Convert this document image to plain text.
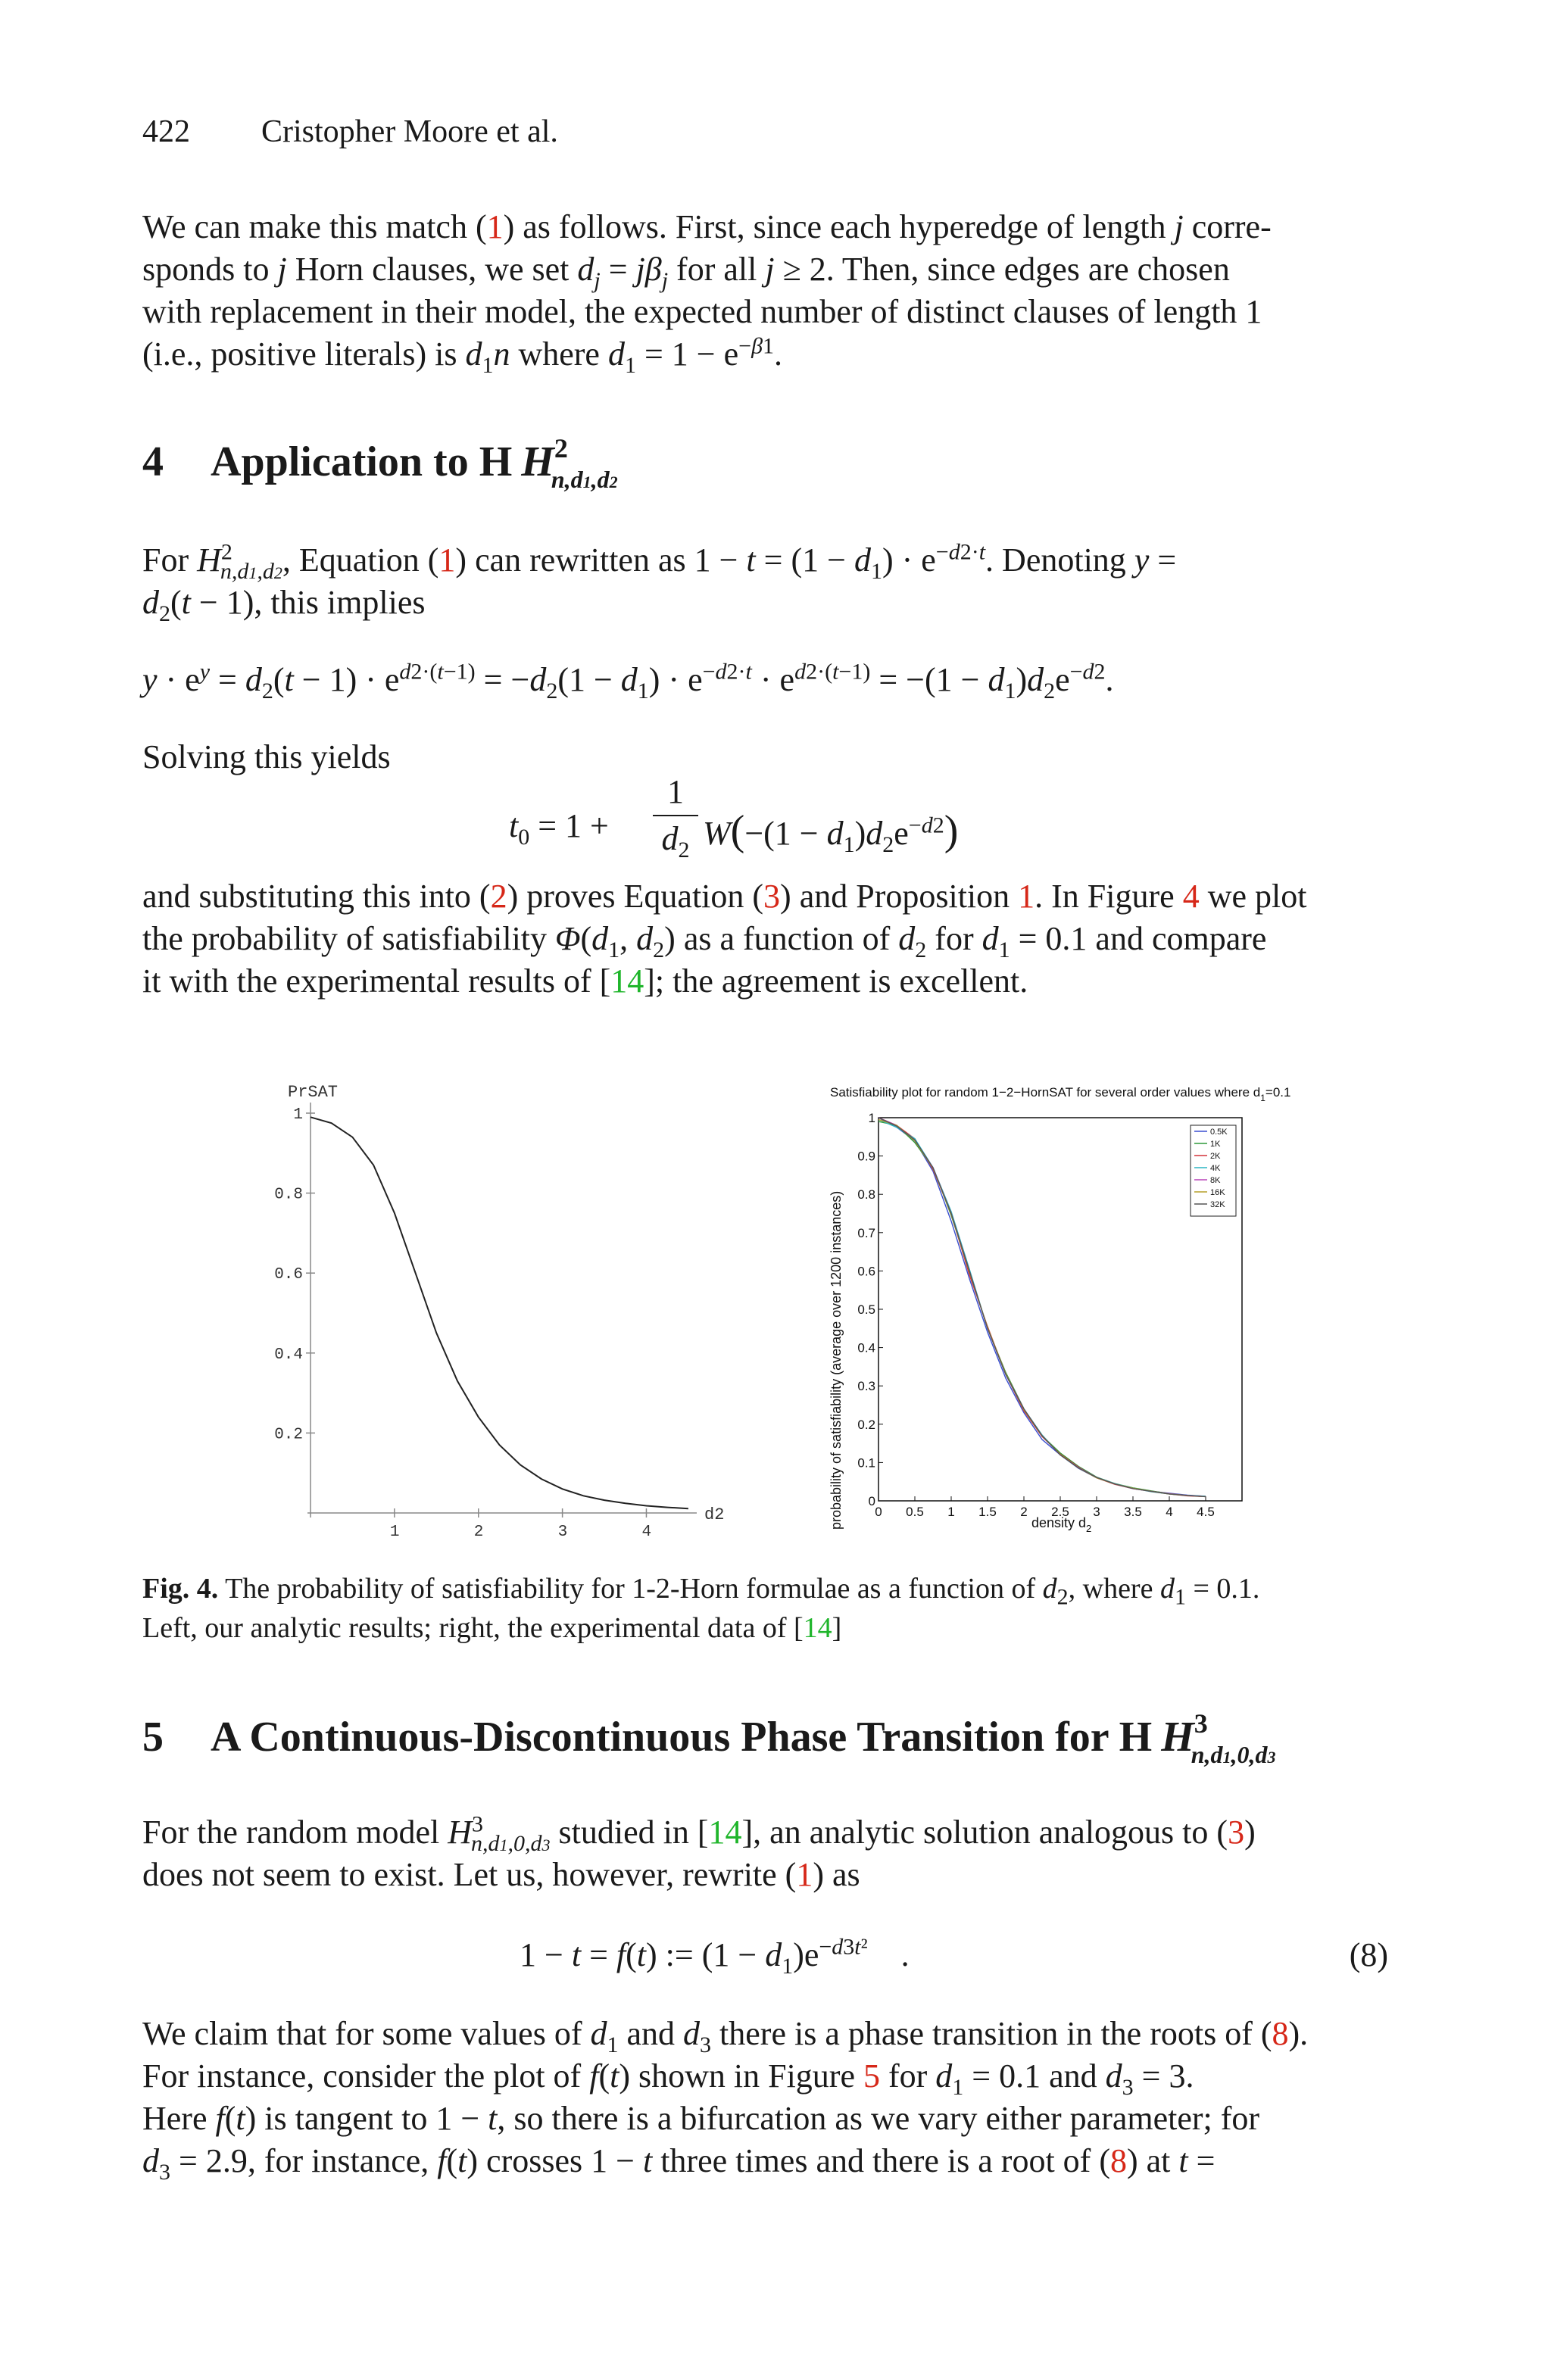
422 Cristopher Moore et al.
We can make this match (1) as follows. First, since each hyperedge of length j corre-
sponds to j Horn clauses, we set $d_j = j\beta_j$ for all j ≥ 2. Then, since edges are chosen
with replacement in their model, the expected number of distinct clauses of length 1
(i.e., positive literals) is $d_1n$ where $d_1 = 1 - e^{-\beta 1}$.
4 Application to H $H^2_{n,d1,d2}$
For $H^2_{n,d1,d2}$, Equation (1) can rewritten as $1 - t = (1 - d_1) \cdot e^{-d2\cdot t}$. Denoting y =
$d_2(t - 1)$, this implies
$y \cdot e^y = d_2(t - 1) \cdot e^{d2\cdot(t-1)} = -d_2(1 - d_1) \cdot e^{-d2\cdot t} \cdot e^{d2\cdot(t-1)} = -(1 - d_1)d_2e^{-d2}$.
Solving this yields
$t_0 = 1$ +
1
$d_2$ $W(-(1 - d_1)d_2e^{-d2})$
and substituting this into (2) proves Equation (3) and Proposition 1. In Figure 4 we plot
the probability of satisfiability $\Phi(d_1$, $d_2$) as a function of $d_2$ for $d_1 = 0.1$ and compare
it with the experimental results of [14]; the agreement is excellent.
PrSAT
d2
1	2	3	4
1
0.8
0.6
0.4
0.2
Satisfiability plot for random 1−2−HornSAT for several order values where $d_1=0.1$
probability of satisfiability (average over 1200 instances)	density $d_2$
0 0.5 1 1.5 2 2.5 3 3.5 4 4.5
0
0.1
0.2
0.3
0.4
0.5
0.6
0.7
0.8
0.9
1
0.5K
1K
2K
4K
8K
16K
32K
Fig. 4. The probability of satisfiability for 1-2-Horn formulae as a function of $d_2$, where $d_1 = 0.1$.
Left, our analytic results; right, the experimental data of [14]
5 A Continuous-Discontinuous Phase Transition for H $H^3_{n,d1,0,d3}$
For the random model $H^3_{n,d1,0,d3}$ studied in [14], an analytic solution analogous to (3)
does not seem to exist. Let us, however, rewrite (1) as
1 − t = f(t) := $(1 - d_1)e^{-d3t^2}$    .	(8)
We claim that for some values of $d_1$ and $d_3$ there is a phase transition in the roots of (8).
For instance, consider the plot of f(t) shown in Figure 5 for $d_1 = 0.1$ and $d_3 = 3$.
Here f(t) is tangent to 1 − t, so there is a bifurcation as we vary either parameter; for
$d_3 = 2.9$, for instance, f(t) crosses 1 − t three times and there is a root of (8) at t =
